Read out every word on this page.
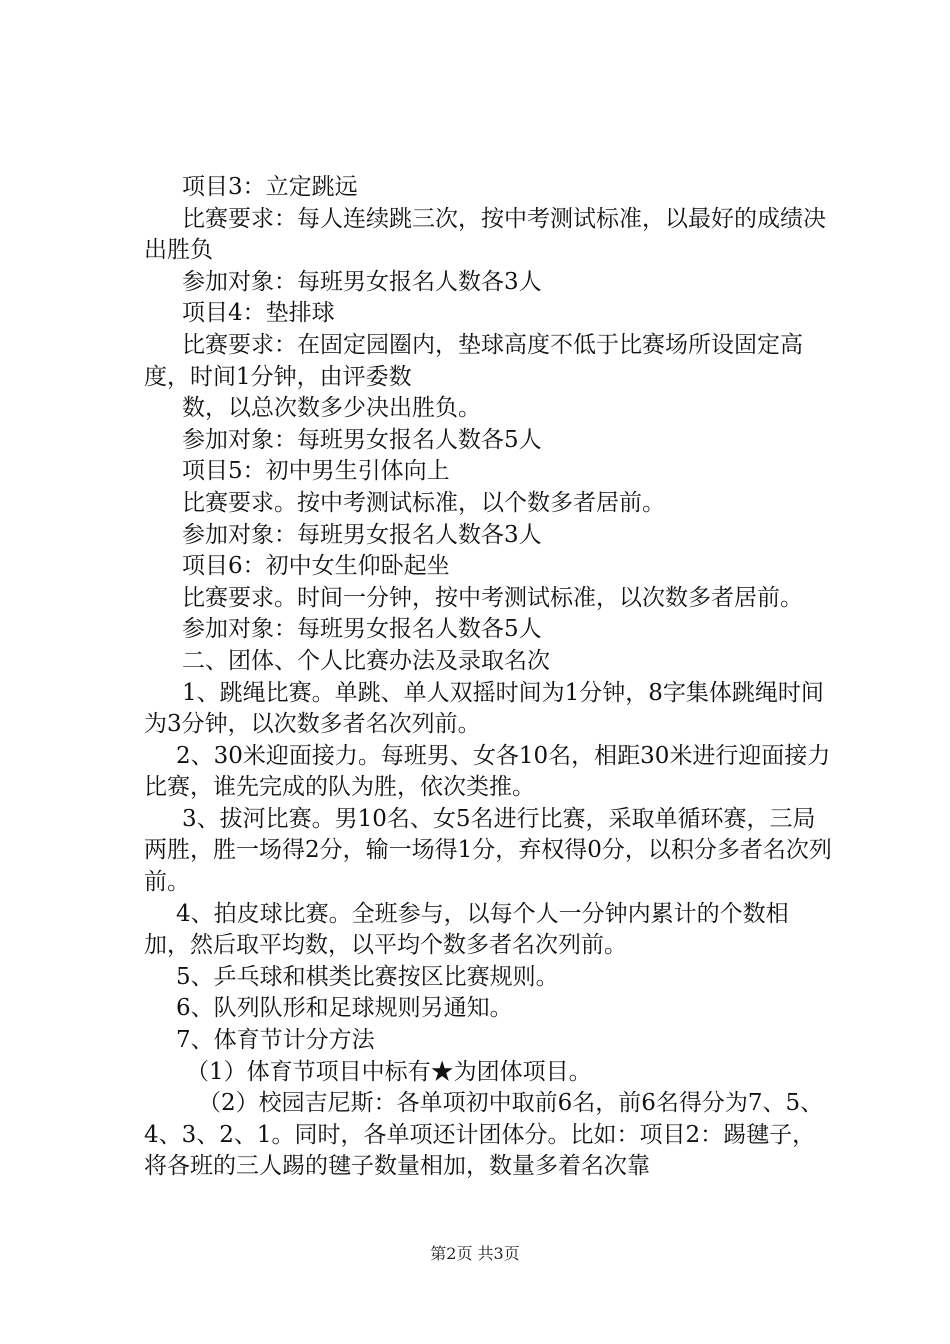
项目3：立定跳远

比赛要求：每人连续跳三次，按中考测试标准，以最好的成绩决出胜负

参加对象：每班男女报名人数各3人

项目4：垫排球

比赛要求：在固定园圈内，垫球高度不低于比赛场所设固定高度，时间1分钟，由评委数

数，以总次数多少决出胜负。

参加对象：每班男女报名人数各5人

项目5：初中男生引体向上

比赛要求。按中考测试标准，以个数多者居前。

参加对象：每班男女报名人数各3人

项目6：初中女生仰卧起坐

比赛要求。时间一分钟，按中考测试标准，以次数多者居前。

参加对象：每班男女报名人数各5人

二、团体、个人比赛办法及录取名次

1、跳绳比赛。单跳、单人双摇时间为1分钟，8字集体跳绳时间为3分钟，以次数多者名次列前。

2、30米迎面接力。每班男、女各10名，相距30米进行迎面接力比赛，谁先完成的队为胜，依次类推。

3、拔河比赛。男10名、女5名进行比赛，采取单循环赛，三局两胜，胜一场得2分，输一场得1分，弃权得0分，以积分多者名次列前。

4、拍皮球比赛。全班参与，以每个人一分钟内累计的个数相加，然后取平均数，以平均个数多者名次列前。

5、乒乓球和棋类比赛按区比赛规则。

6、队列队形和足球规则另通知。

7、体育节计分方法

（1）体育节项目中标有★为团体项目。

（2）校园吉尼斯：各单项初中取前6名，前6名得分为7、5、4、3、2、1。同时，各单项还计团体分。比如：项目2：踢毽子，将各班的三人踢的毽子数量相加，数量多着名次靠

第2页 共3页
